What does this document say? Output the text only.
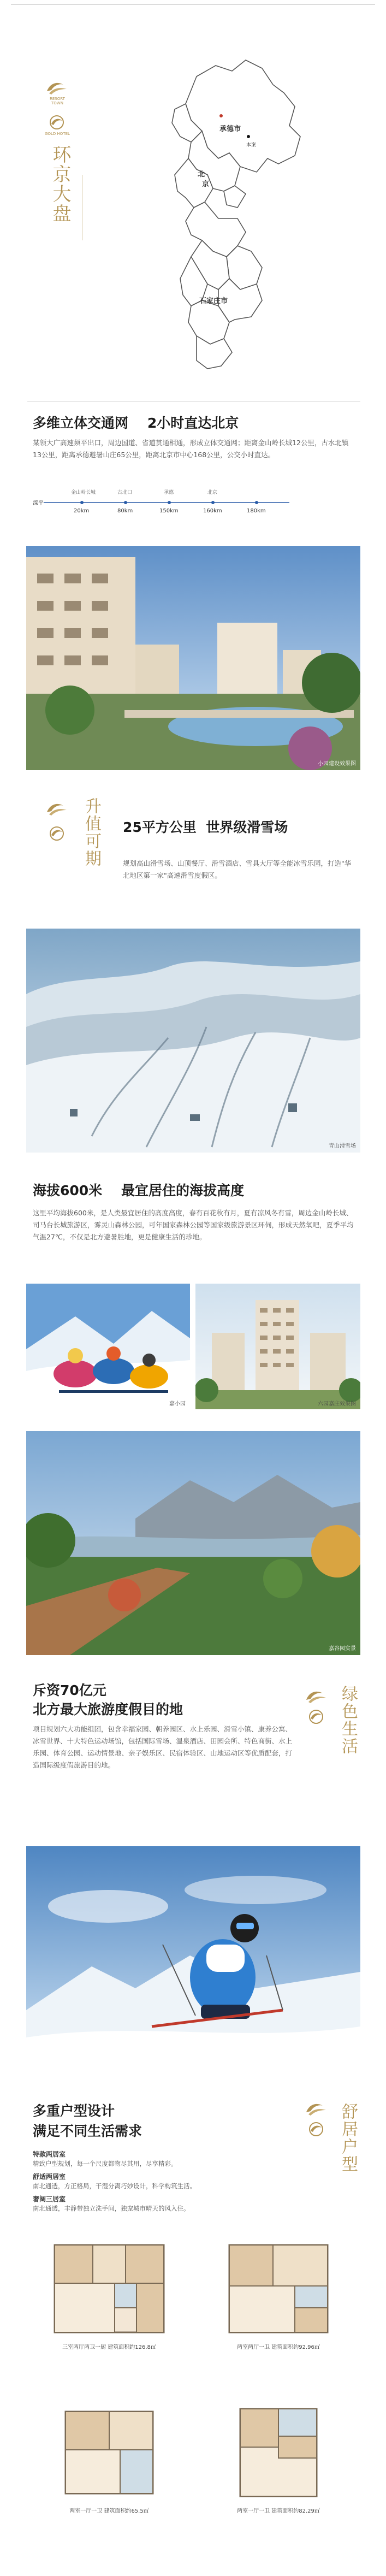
RESORT TOWN
GOLD HOTEL
环京大盘
承德市
本案
北
京
石家庄市
多维立体交通网    2小时直达北京
某领大广高速须平出口，周边国道、省道贯通相通，形成立体交通网；距离金山岭长城12公里，古水北镇13公里，距离承德避暑山庄65公里，距离北京市中心168公里，公交小时直达。
滦平
金山岭长城	古北口	承德	北京
20km	80km	150km	160km	180km
小园建设效果图
升值可期 25平方公里  世界级滑雪场
规划高山滑雪场、山顶餐厅、滑雪酒店、雪具大厅等全能冰雪乐园，打造"华北地区第一家"高速滑雪度假区。
青山滑雪场
海拔600米    最宜居住的海拔高度
这里平均海拔600米，是人类最宜居住的高度高度，春有百花秋有月，夏有凉风冬有雪，周边金山岭长城、司马台长城旅游区，雾灵山森林公园，可年国家森林公园等国家级旅游景区环伺，形成天然氧吧，夏季平均气温27℃，不仅是北方避暑胜地，更是健康生活的珍地。
嘉小园	六园嘉庄效果图
嘉谷园实景
斥资70亿元
北方最大旅游度假目的地
项目规划六大功能组团，包含幸福家园、朝养园区、水上乐园、滑雪小镇、康养公寓、冰雪世界、十大特色运动场馆，包括国际雪场、温泉酒店、田园会所、特色商街、水上乐园、体育公园、运动情景地、亲子娱乐区、民宿体验区、山地运动区等优质配套，打造国际级度假旅游目的地。
绿色生活
多重户型设计
满足不同生活需求
特款两居室
精致户型规划，每一个尺度都物尽其用，尽享精彩。
舒适两居室
南北通透，方正格局，干湿分离巧妙设计，科学构筑生活。
奢阔三居室
南北通透，丰静带独立洗手间，独宠城市晴天的风入住。
舒居户型
三室两厅两卫一厨 建筑面积约126.8㎡	两室两厅一卫 建筑面积约92.96㎡
两室一厅一卫 建筑面积约65.5㎡	两室一厅一卫 建筑面积约82.29㎡
